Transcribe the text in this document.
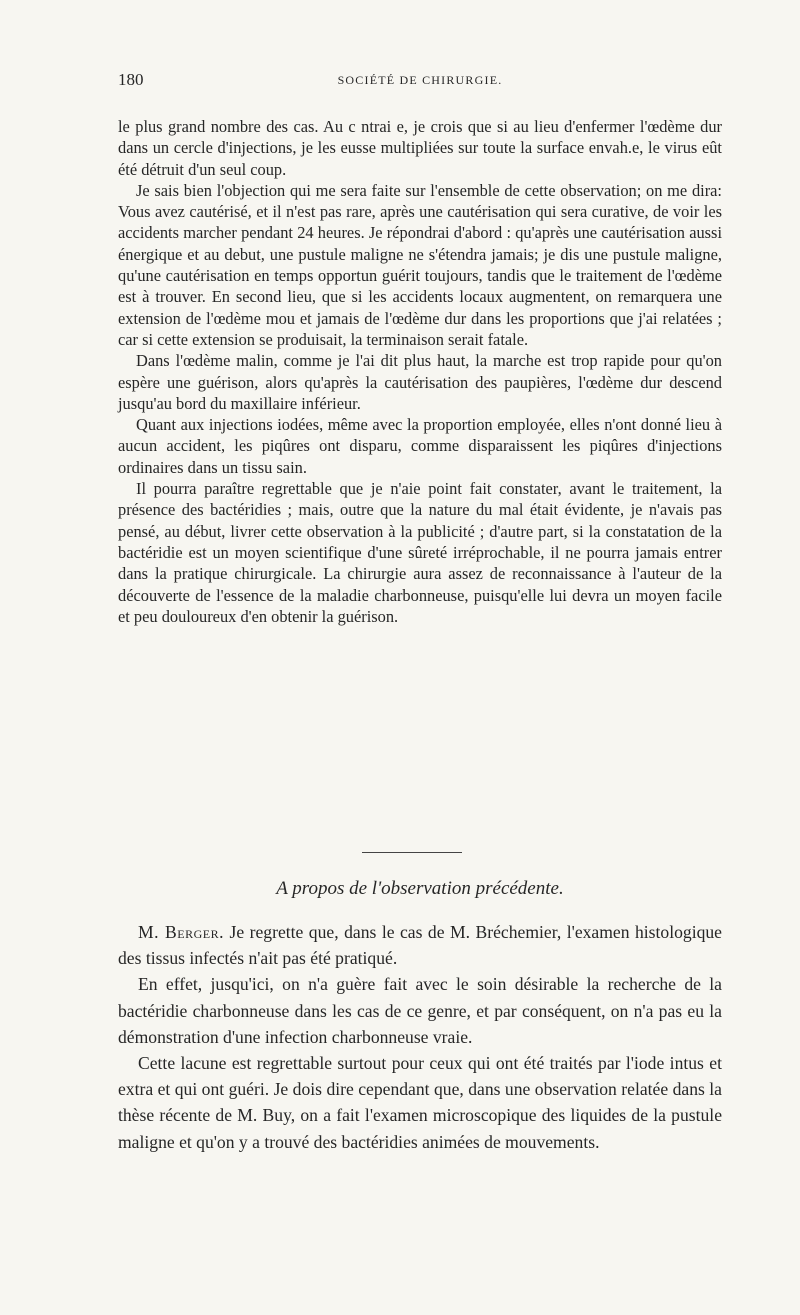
180	SOCIÉTÉ DE CHIRURGIE.

le plus grand nombre des cas. Au c ntrai e, je crois que si au lieu d'enfermer l'œdème dur dans un cercle d'injections, je les eusse multipliées sur toute la surface envah.e, le virus eût été détruit d'un seul coup.

Je sais bien l'objection qui me sera faite sur l'ensemble de cette observation; on me dira: Vous avez cautérisé, et il n'est pas rare, après une cautérisation qui sera curative, de voir les accidents marcher pendant 24 heures. Je répondrai d'abord : qu'après une cautérisation aussi énergique et au debut, une pustule maligne ne s'étendra jamais; je dis une pustule maligne, qu'une cautérisation en temps opportun guérit toujours, tandis que le traitement de l'œdème est à trouver. En second lieu, que si les accidents locaux augmentent, on remarquera une extension de l'œdème mou et jamais de l'œdème dur dans les proportions que j'ai relatées ; car si cette extension se produisait, la terminaison serait fatale.

Dans l'œdème malin, comme je l'ai dit plus haut, la marche est trop rapide pour qu'on espère une guérison, alors qu'après la cautérisation des paupières, l'œdème dur descend jusqu'au bord du maxillaire inférieur.

Quant aux injections iodées, même avec la proportion employée, elles n'ont donné lieu à aucun accident, les piqûres ont disparu, comme disparaissent les piqûres d'injections ordinaires dans un tissu sain.

Il pourra paraître regrettable que je n'aie point fait constater, avant le traitement, la présence des bactéridies ; mais, outre que la nature du mal était évidente, je n'avais pas pensé, au début, livrer cette observation à la publicité ; d'autre part, si la constatation de la bactéridie est un moyen scientifique d'une sûreté irréprochable, il ne pourra jamais entrer dans la pratique chirurgicale. La chirurgie aura assez de reconnaissance à l'auteur de la découverte de l'essence de la maladie charbonneuse, puisqu'elle lui devra un moyen facile et peu douloureux d'en obtenir la guérison.

A propos de l'observation précédente.

M. Berger. Je regrette que, dans le cas de M. Bréchemier, l'examen histologique des tissus infectés n'ait pas été pratiqué.

En effet, jusqu'ici, on n'a guère fait avec le soin désirable la recherche de la bactéridie charbonneuse dans les cas de ce genre, et par conséquent, on n'a pas eu la démonstration d'une infection charbonneuse vraie.

Cette lacune est regrettable surtout pour ceux qui ont été traités par l'iode intus et extra et qui ont guéri. Je dois dire cependant que, dans une observation relatée dans la thèse récente de M. Buy, on a fait l'examen microscopique des liquides de la pustule maligne et qu'on y a trouvé des bactéridies animées de mouvements.
